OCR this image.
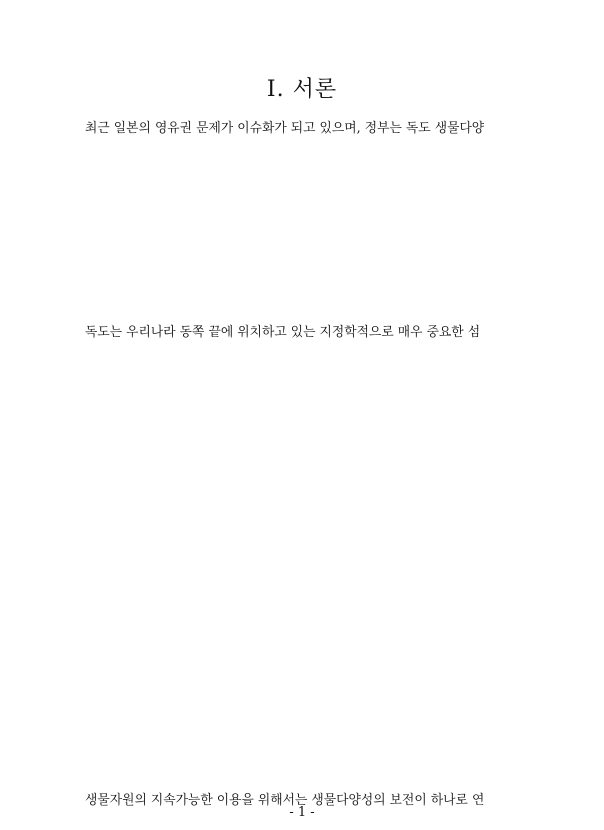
I. 서론
최근 일본의 영유권 문제가 이슈화가 되고 있으며, 정부는 독도 생물다양
독도는 우리나라 동쪽 끝에 위치하고 있는 지정학적으로 매우 중요한 섬
생물자원의 지속가능한 이용을 위해서는 생물다양성의 보전이 하나로 연
- 1 -
